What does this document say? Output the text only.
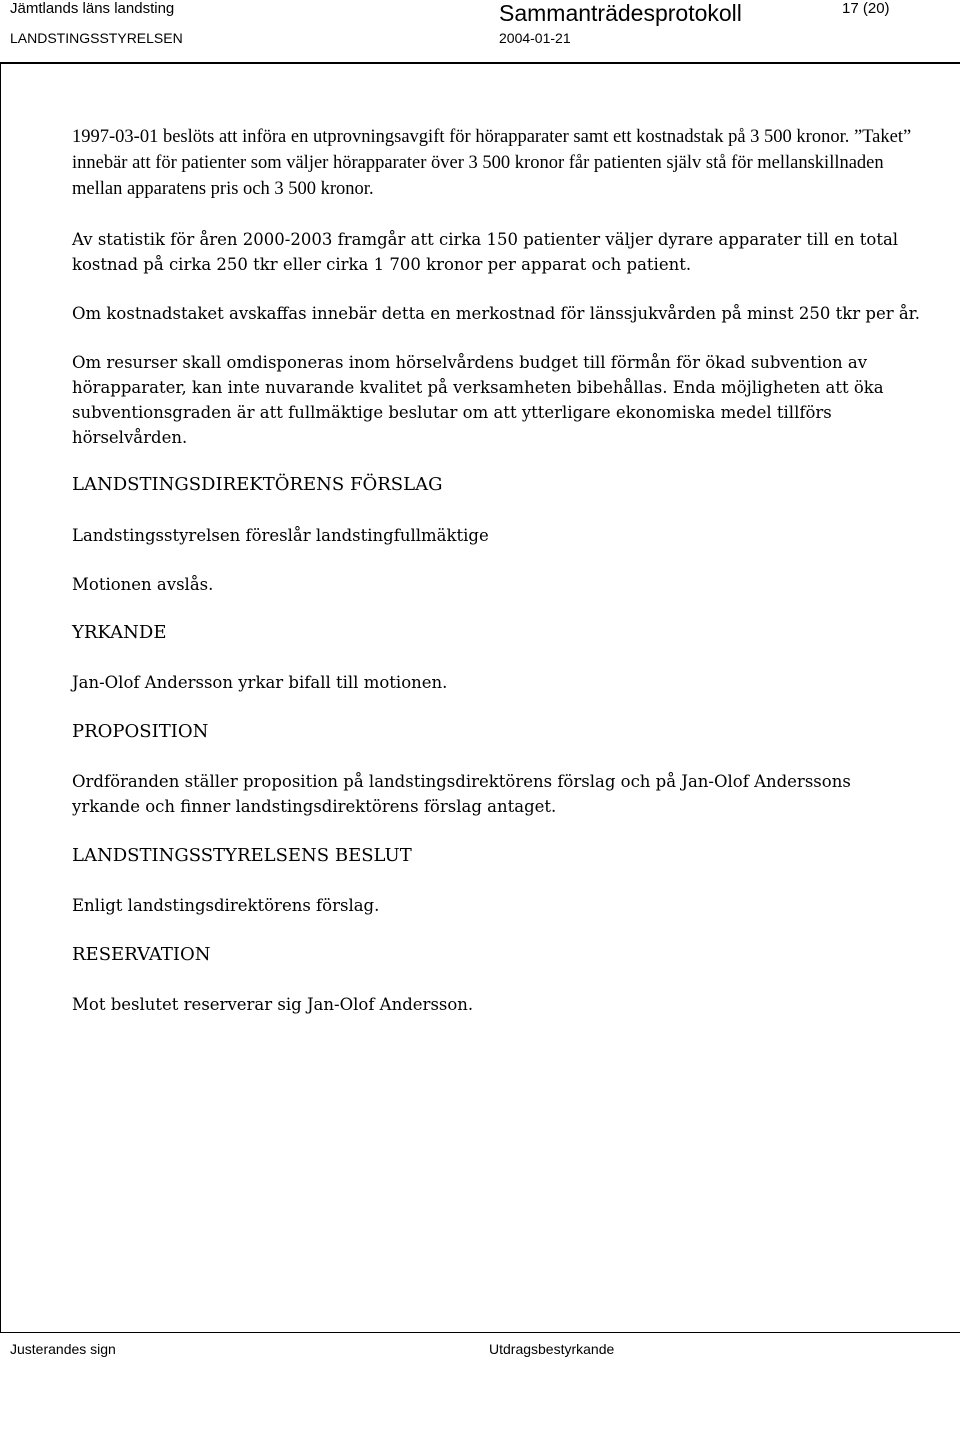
Jämtlands läns landsting
LANDSTINGSSTYRELSEN
Sammanträdesprotokoll
2004-01-21
17 (20)

1997-03-01 beslöts att införa en utprovningsavgift för hörapparater samt ett kostnadstak på 3 500 kronor. ”Taket” innebär att för patienter som väljer hörapparater över 3 500 kronor får patienten själv stå för mellanskillnaden mellan apparatens pris och 3 500 kronor.

Av statistik för åren 2000-2003 framgår att cirka 150 patienter väljer dyrare apparater till en total kostnad på cirka 250 tkr eller cirka 1 700 kronor per apparat och patient.

Om kostnadstaket avskaffas innebär detta en merkostnad för länssjukvården på minst 250 tkr per år.

Om resurser skall omdisponeras inom hörselvårdens budget till förmån för ökad subvention av hörapparater, kan inte nuvarande kvalitet på verksamheten bibehållas. Enda möjligheten att öka subventionsgraden är att fullmäktige beslutar om att ytterligare ekonomiska medel tillförs hörselvården.

LANDSTINGSDIREKTÖRENS FÖRSLAG

Landstingsstyrelsen föreslår landstingfullmäktige

Motionen avslås.

YRKANDE

Jan-Olof Andersson yrkar bifall till motionen.

PROPOSITION

Ordföranden ställer proposition på landstingsdirektörens förslag och på Jan-Olof Anderssons yrkande och finner landstingsdirektörens förslag antaget.

LANDSTINGSSTYRELSENS BESLUT

Enligt landstingsdirektörens förslag.

RESERVATION

Mot beslutet reserverar sig Jan-Olof Andersson.

Justerandes sign	Utdragsbestyrkande
